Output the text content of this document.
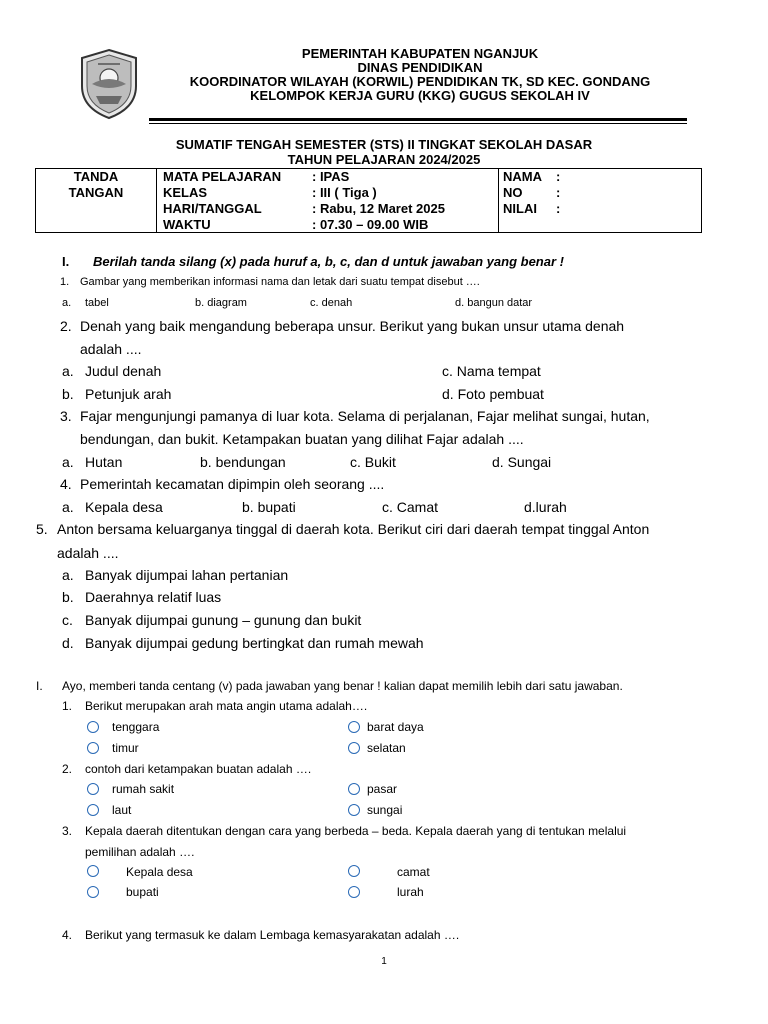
PEMERINTAH KABUPATEN NGANJUK
DINAS PENDIDIKAN
KOORDINATOR WILAYAH (KORWIL) PENDIDIKAN TK, SD KEC. GONDANG
KELOMPOK KERJA GURU (KKG) GUGUS SEKOLAH IV
SUMATIF TENGAH SEMESTER (STS) II TINGKAT SEKOLAH DASAR
TAHUN PELAJARAN 2024/2025
TANDA
TANGAN
MATA PELAJARAN : IPAS
KELAS	: III ( Tiga )
HARI/TANGGAL	: Rabu, 12 Maret 2025
WAKTU	: 07.30 – 09.00 WIB
NAMA :
NO	:
NILAI :
I. Berilah tanda silang (x) pada huruf a, b, c, dan d untuk jawaban yang benar !
1. Gambar yang memberikan informasi nama dan letak dari suatu tempat disebut ….
a. tabel	b. diagram	c. denah	d. bangun datar
2. Denah yang baik mengandung beberapa unsur. Berikut yang bukan unsur utama denah
adalah ....
a. Judul denah	c. Nama tempat
b. Petunjuk arah	d. Foto pembuat
3. Fajar mengunjungi pamanya di luar kota. Selama di perjalanan, Fajar melihat sungai, hutan,
bendungan, dan bukit. Ketampakan buatan yang dilihat Fajar adalah ....
a. Hutan	b. bendungan	c. Bukit	d. Sungai
4. Pemerintah kecamatan dipimpin oleh seorang ....
a. Kepala desa	b. bupati	c. Camat	d.lurah
5. Anton bersama keluarganya tinggal di daerah kota. Berikut ciri dari daerah tempat tinggal Anton
adalah ....
a. Banyak dijumpai lahan pertanian
b. Daerahnya relatif luas
c. Banyak dijumpai gunung – gunung dan bukit
d. Banyak dijumpai gedung bertingkat dan rumah mewah
I. Ayo, memberi tanda centang (v) pada jawaban yang benar ! kalian dapat memilih lebih dari satu jawaban.
1. Berikut merupakan arah mata angin utama adalah….
tenggara	barat daya
timur	selatan
2. contoh dari ketampakan buatan adalah ….
rumah sakit	pasar
laut	sungai
3. Kepala daerah ditentukan dengan cara yang berbeda – beda. Kepala daerah yang di tentukan melalui
pemilihan adalah ….
Kepala desa	camat
bupati	lurah
4. Berikut yang termasuk ke dalam Lembaga kemasyarakatan adalah ….
1
